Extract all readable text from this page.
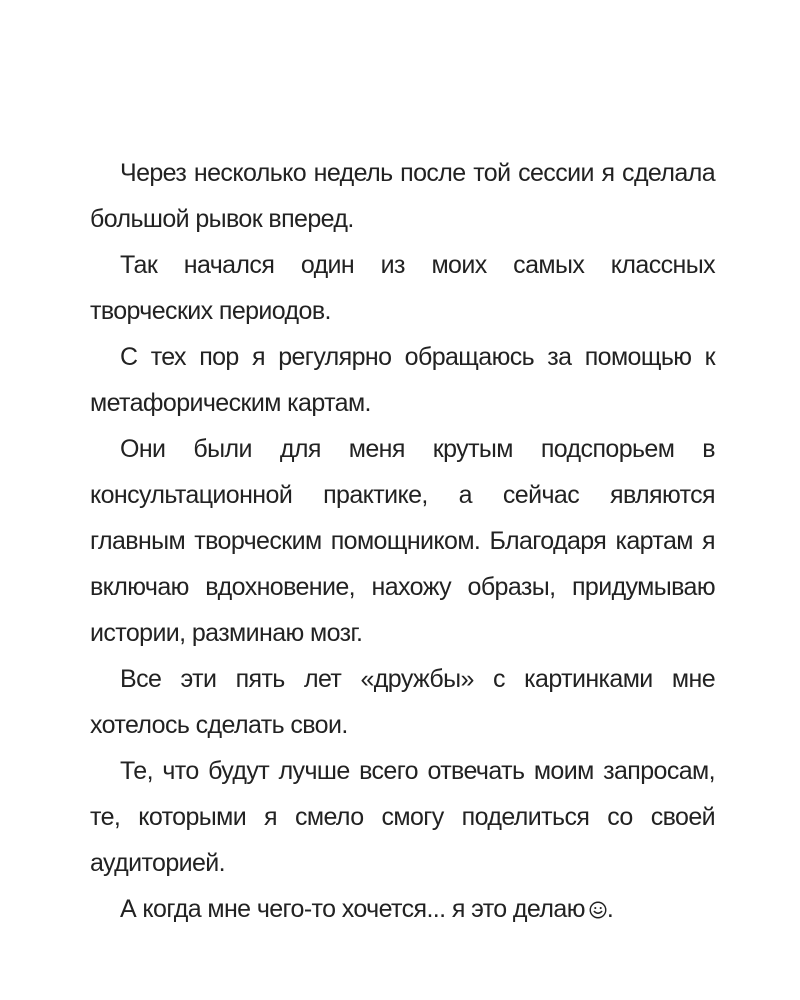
Через несколько недель после той сессии я сделала большой рывок вперед.

Так начался один из моих самых классных творческих периодов.

С тех пор я регулярно обращаюсь за помощью к метафорическим картам.

Они были для меня крутым подспорьем в консультационной практике, а сейчас являются главным творческим помощником. Благодаря картам я включаю вдохновение, нахожу образы, придумываю истории, разминаю мозг.

Все эти пять лет «дружбы» с картинками мне хотелось сделать свои.

Те, что будут лучше всего отвечать моим запросам, те, которыми я смело смогу поделиться со своей аудиторией.

А когда мне чего-то хочется... я это делаю .
